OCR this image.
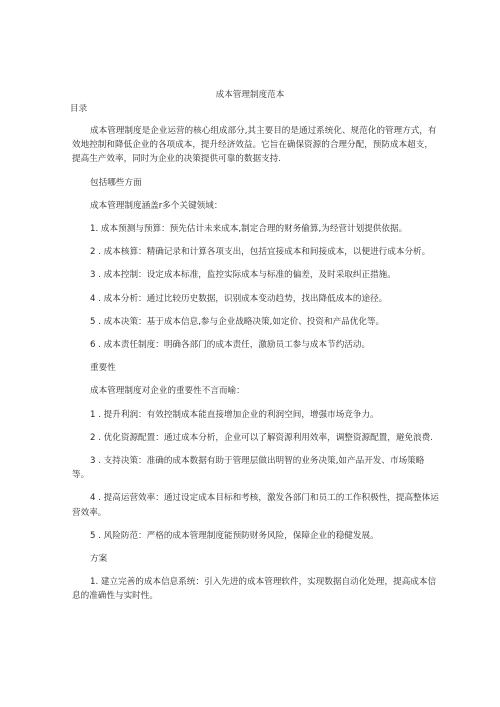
成本管理制度范本
目录

成本管理制度是企业运营的核心组成部分,其主要目的是通过系统化、规范化的管理方式，有效地控制和降低企业的各项成本，提升经济效益。它旨在确保资源的合理分配，预防成本超支，提高生产效率，同时为企业的决策提供可靠的数据支持.

包括哪些方面

成本管理制度涵盖r多个关键领域：

1. 成本预测与预算：预先估计未来成本,制定合理的财务偷算,为经营计划提供依据。

2 . 成本核算：精确记录和计算各项支出，包括宜接成本和间接成本，以便进行成本分析。

3 . 成本控制：设定成本标准，监控实际成本与标准的偏差，及时采取纠正措施。

4 . 成本分析：通过比较历史数据，识别成本变动趋势，找出降低成本的途径。

5 . 成本决策：基于成本信息,参与企业战略决策,如定价、投资和产品优化等。

6 . 成本责任制度：明确各部门的成本责任，激励员工参与成本节约活动。

重要性

成本管理制度对企业的重要性不言而喻：

1 . 提升利润：有效控制成本能直接增加企业的利润空间，增强市场竞争力。

2 . 优化资源配置：通过成本分析，企业可以了解资源利用效率，调整资源配置，避免浪费.

3 . 支持决策：准确的成本数据有助于管理层做出明智的业务决策,如产品开发、市场策略等。

4 . 提高运营效率：通过设定成本目标和考核，激发各部门和员工的工作积极性，提高整体运营效率。

5 . 风险防范：严格的成本管理制度能预防财务风险，保障企业的稳健发展。

方案

1. 建立完善的成本信息系统：引入先进的成本管理软件，实现数据自动化处理，提高成本信息的准确性与实时性。
